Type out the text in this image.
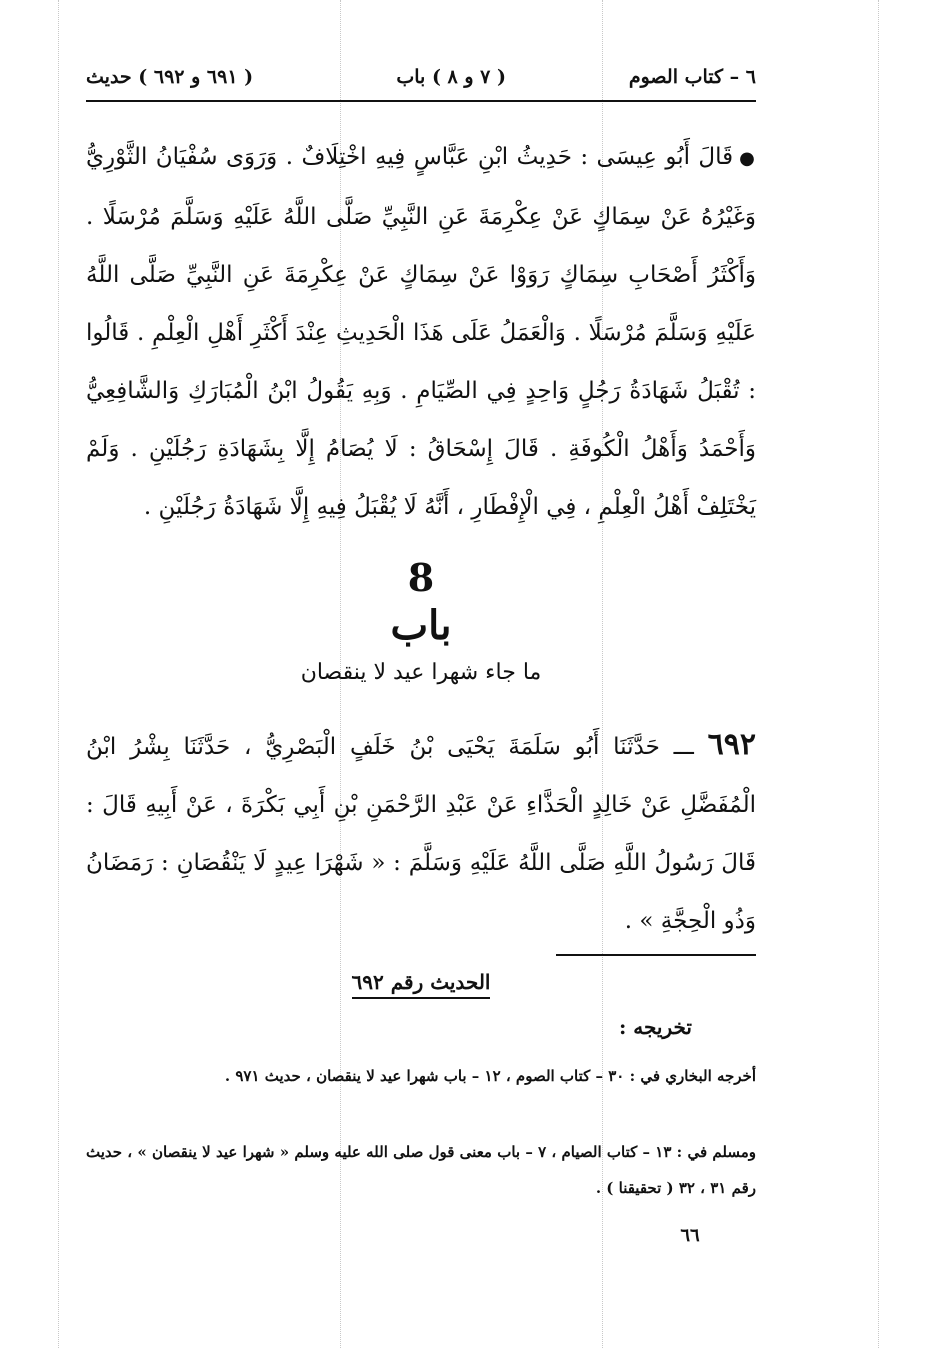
٦ – كتاب الصوم
( ٧ و ٨ ) باب
( ٦٩١ و ٦٩٢ ) حديث
●قَالَ أَبُو عِيسَى : حَدِيثُ ابْنِ عَبَّاسٍ فِيهِ اخْتِلَافٌ . وَرَوَى سُفْيَانُ الثَّوْرِيُّ وَغَيْرُهُ عَنْ سِمَاكٍ عَنْ عِكْرِمَةَ عَنِ النَّبِيِّ صَلَّى اللَّهُ عَلَيْهِ وَسَلَّمَ مُرْسَلًا . وَأَكْثَرُ أَصْحَابِ سِمَاكٍ رَوَوْا عَنْ سِمَاكٍ عَنْ عِكْرِمَةَ عَنِ النَّبِيِّ صَلَّى اللَّهُ عَلَيْهِ وَسَلَّمَ مُرْسَلًا . وَالْعَمَلُ عَلَى هَذَا الْحَدِيثِ عِنْدَ أَكْثَرِ أَهْلِ الْعِلْمِ . قَالُوا : تُقْبَلُ شَهَادَةُ رَجُلٍ وَاحِدٍ فِي الصِّيَامِ . وَبِهِ يَقُولُ ابْنُ الْمُبَارَكِ وَالشَّافِعِيُّ وَأَحْمَدُ وَأَهْلُ الْكُوفَةِ . قَالَ إِسْحَاقُ : لَا يُصَامُ إِلَّا بِشَهَادَةِ رَجُلَيْنِ . وَلَمْ يَخْتَلِفْ أَهْلُ الْعِلْمِ ، فِي الْإِفْطَارِ ، أَنَّهُ لَا يُقْبَلُ فِيهِ إِلَّا شَهَادَةُ رَجُلَيْنِ .
8
باب
ما جاء شهرا عيد لا ينقصان
٦٩٢ ـــ حَدَّثَنَا أَبُو سَلَمَةَ يَحْيَى بْنُ خَلَفٍ الْبَصْرِيُّ ، حَدَّثَنَا بِشْرُ ابْنُ الْمُفَضَّلِ عَنْ خَالِدٍ الْحَذَّاءِ عَنْ عَبْدِ الرَّحْمَنِ بْنِ أَبِي بَكْرَةَ ، عَنْ أَبِيهِ قَالَ : قَالَ رَسُولُ اللَّهِ صَلَّى اللَّهُ عَلَيْهِ وَسَلَّمَ : « شَهْرَا عِيدٍ لَا يَنْقُصَانِ : رَمَضَانُ وَذُو الْحِجَّةِ » .
الحديث رقم ٦٩٢
تخريجه :
أخرجه البخاري في : ٣٠ – كتاب الصوم ، ١٢ – باب شهرا عيد لا ينقصان ، حديث ٩٧١ .
ومسلم في : ١٣ – كتاب الصيام ، ٧ – باب معنى قول صلى الله عليه وسلم « شهرا عيد لا ينقصان » ، حديث رقم ٣١ ، ٣٢ ( تحقيقنا ) .
٦٦
